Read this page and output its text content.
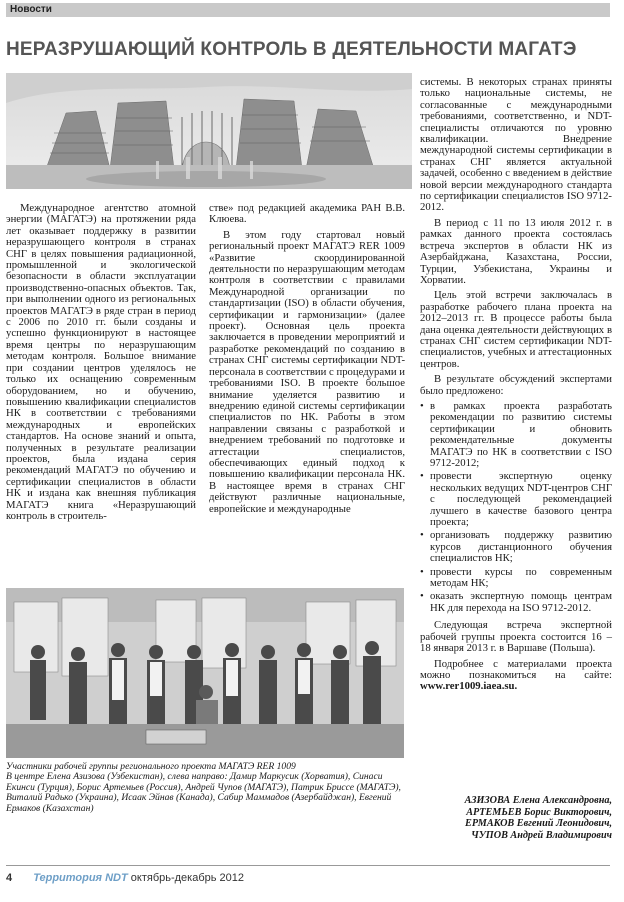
Новости
НЕРАЗРУШАЮЩИЙ КОНТРОЛЬ В ДЕЯТЕЛЬНОСТИ МАГАТЭ

Международное агентство атомной энергии (МАГАТЭ) на протяжении ряда лет оказывает поддержку в развитии неразрушающего контроля в странах СНГ в целях повышения радиационной, промышленной и экологической безопасности в области эксплуатации производственно-опасных объектов. Так, при выполнении одного из региональных проектов МАГАТЭ в ряде стран в период с 2006 по 2010 гг. были созданы и успешно функционируют в настоящее время центры по неразрушающим методам контроля. Большое внимание при создании центров уделялось не только их оснащению современным оборудованием, но и обучению, повышению квалификации специалистов НК в соответствии с требованиями международных и европейских стандартов. На основе знаний и опыта, полученных в результате реализации проектов, была издана серия рекомендаций МАГАТЭ по обучению и сертификации специалистов в области НК и издана как внешняя публикация МАГАТЭ книга «Неразрушающий контроль в строитель-

стве» под редакцией академика РАН В.В. Клюева.

В этом году стартовал новый региональный проект МАГАТЭ RER 1009 «Развитие скоординированной деятельности по неразрушающим методам контроля в соответствии с правилами Международной организации по стандартизации (ISO) в области обучения, сертификации и гармонизации» (далее проект). Основная цель проекта заключается в проведении мероприятий и разработке рекомендаций по созданию в странах СНГ системы сертификации NDT-персонала в соответствии с процедурами и требованиями ISO. В проекте большое внимание уделяется развитию и внедрению единой системы сертификации специалистов по НК. Работы в этом направлении связаны с разработкой и внедрением требований по подготовке и аттестации специалистов, обеспечивающих единый подход к повышению квалификации персонала НК. В настоящее время в странах СНГ действуют различные национальные, европейские и международные

системы. В некоторых странах приняты только национальные системы, не согласованные с международными требованиями, соответственно, и NDT-специалисты отличаются по уровню квалификации. Внедрение международной системы сертификации в странах СНГ является актуальной задачей, особенно с введением в действие новой версии международного стандарта по сертификации специалистов ISO 9712-2012.

В период с 11 по 13 июля 2012 г. в рамках данного проекта состоялась встреча экспертов в области НК из Азербайджана, Казахстана, России, Турции, Узбекистана, Украины и Хорватии.

Цель этой встречи заключалась в разработке рабочего плана проекта на 2012–2013 гг. В процессе работы была дана оценка деятельности действующих в странах СНГ систем сертификации NDT-специалистов, учебных и аттестационных центров.

В результате обсуждений экспертами было предложено:

• в рамках проекта разработать рекомендации по развитию системы сертификации и обновить рекомендательные документы МАГАТЭ по НК в соответствии с ISO 9712-2012;
• провести экспертную оценку нескольких ведущих NDT-центров СНГ с последующей рекомендацией лучшего в качестве базового центра проекта;
• организовать поддержку развитию курсов дистанционного обучения специалистов НК;
• провести курсы по современным методам НК;
• оказать экспертную помощь центрам НК для перехода на ISO 9712-2012.

Следующая встреча экспертной рабочей группы проекта состоится 16 – 18 января 2013 г. в Варшаве (Польша).

Подробнее с материалами проекта можно познакомиться на сайте: www.rer1009.iaea.su.

Участники рабочей группы регионального проекта МАГАТЭ RER 1009
В центре Елена Азизова (Узбекистан), слева направо: Дамир Маркусик (Хорватия), Синаси Екинси (Турция), Борис Артемьев (Россия), Андрей Чупов (МАГАТЭ), Патрик Бриссе (МАГАТЭ), Виталий Радько (Украина), Исаак Эйнав (Канада), Сабир Маммадов (Азербайджан), Евгений Ермаков (Казахстан)
АЗИЗОВА Елена Александровна,
АРТЕМЬЕВ Борис Викторович,
ЕРМАКОВ Евгений Леонидович,
ЧУПОВ Андрей Владимирович
4 Территория NDT октябрь-декабрь 2012
